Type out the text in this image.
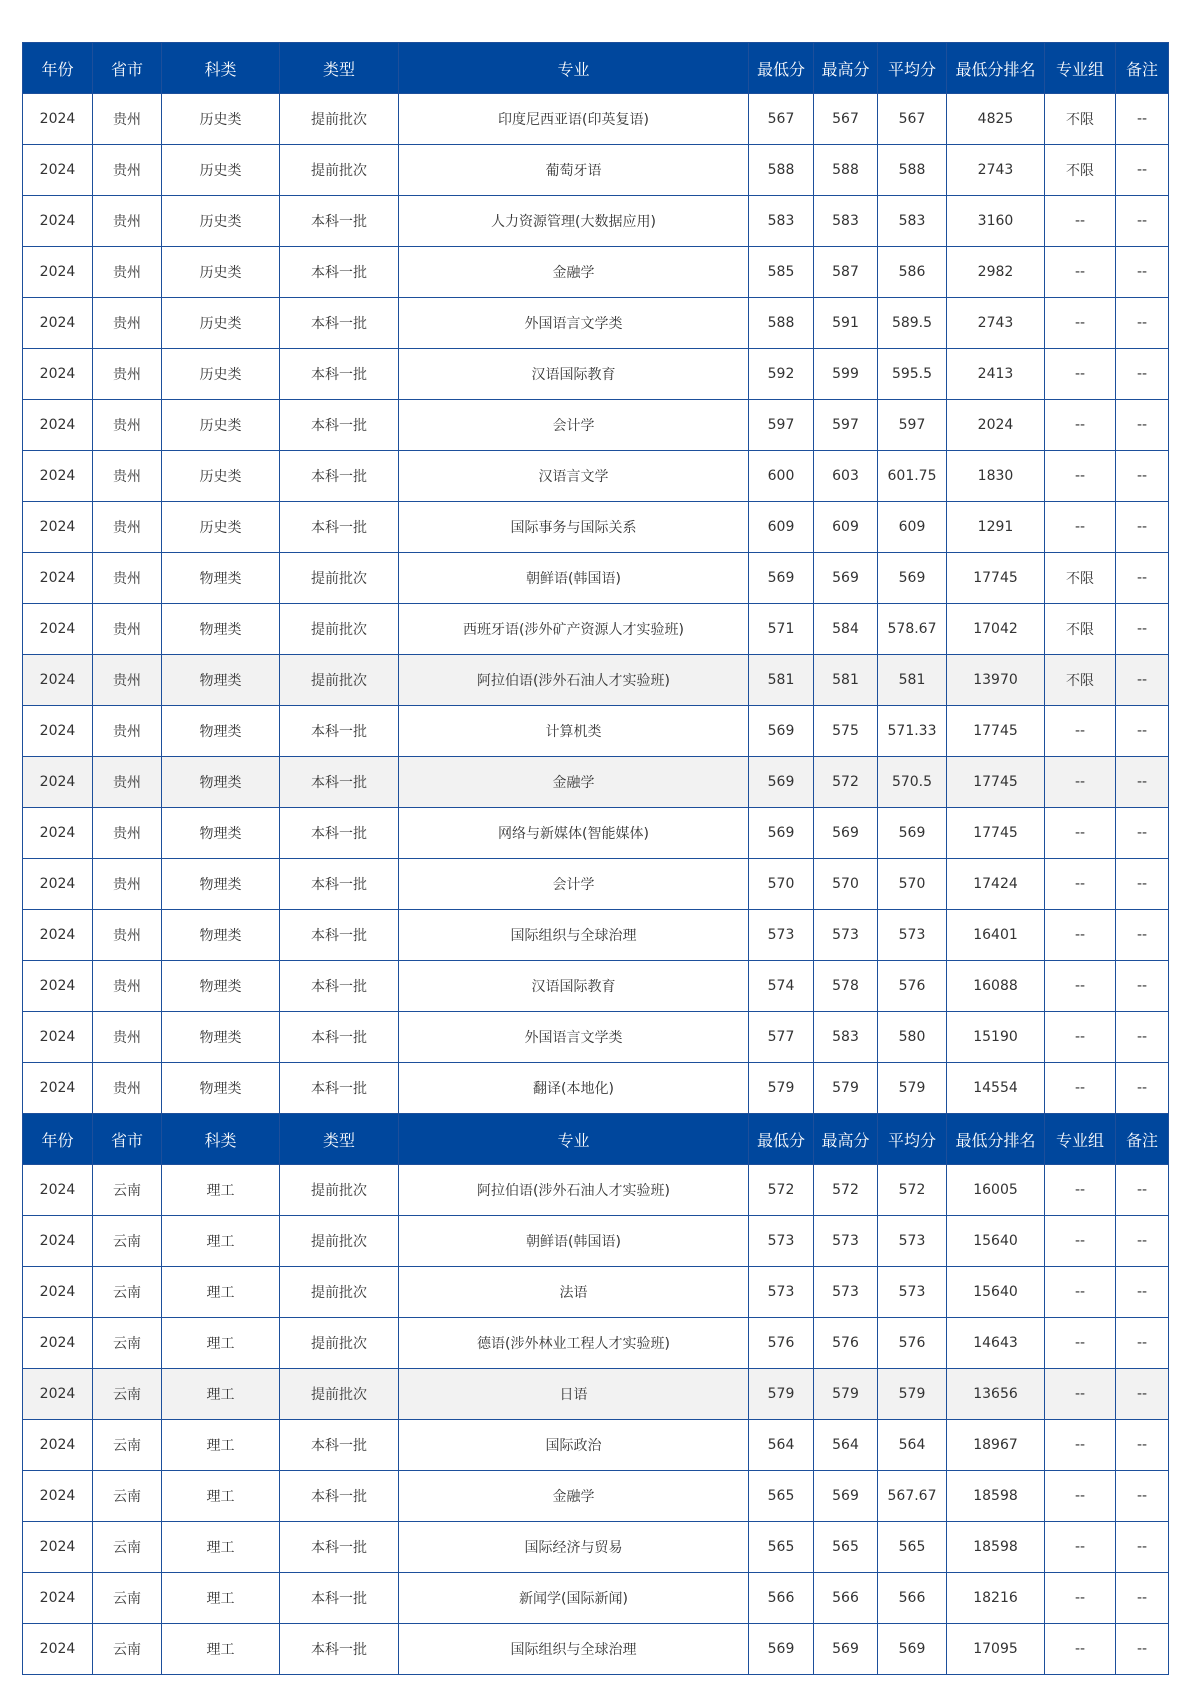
年份	省市	科类	类型	专业	最低分	最高分	平均分	最低分排名	专业组	备注
2024	贵州	历史类	提前批次	印度尼西亚语(印英复语)	567	567	567	4825	不限	--
2024	贵州	历史类	提前批次	葡萄牙语	588	588	588	2743	不限	--
2024	贵州	历史类	本科一批	人力资源管理(大数据应用)	583	583	583	3160	--	--
2024	贵州	历史类	本科一批	金融学	585	587	586	2982	--	--
2024	贵州	历史类	本科一批	外国语言文学类	588	591	589.5	2743	--	--
2024	贵州	历史类	本科一批	汉语国际教育	592	599	595.5	2413	--	--
2024	贵州	历史类	本科一批	会计学	597	597	597	2024	--	--
2024	贵州	历史类	本科一批	汉语言文学	600	603	601.75	1830	--	--
2024	贵州	历史类	本科一批	国际事务与国际关系	609	609	609	1291	--	--
2024	贵州	物理类	提前批次	朝鲜语(韩国语)	569	569	569	17745	不限	--
2024	贵州	物理类	提前批次	西班牙语(涉外矿产资源人才实验班)	571	584	578.67	17042	不限	--
2024	贵州	物理类	提前批次	阿拉伯语(涉外石油人才实验班)	581	581	581	13970	不限	--
2024	贵州	物理类	本科一批	计算机类	569	575	571.33	17745	--	--
2024	贵州	物理类	本科一批	金融学	569	572	570.5	17745	--	--
2024	贵州	物理类	本科一批	网络与新媒体(智能媒体)	569	569	569	17745	--	--
2024	贵州	物理类	本科一批	会计学	570	570	570	17424	--	--
2024	贵州	物理类	本科一批	国际组织与全球治理	573	573	573	16401	--	--
2024	贵州	物理类	本科一批	汉语国际教育	574	578	576	16088	--	--
2024	贵州	物理类	本科一批	外国语言文学类	577	583	580	15190	--	--
2024	贵州	物理类	本科一批	翻译(本地化)	579	579	579	14554	--	--
年份	省市	科类	类型	专业	最低分	最高分	平均分	最低分排名	专业组	备注
2024	云南	理工	提前批次	阿拉伯语(涉外石油人才实验班)	572	572	572	16005	--	--
2024	云南	理工	提前批次	朝鲜语(韩国语)	573	573	573	15640	--	--
2024	云南	理工	提前批次	法语	573	573	573	15640	--	--
2024	云南	理工	提前批次	德语(涉外林业工程人才实验班)	576	576	576	14643	--	--
2024	云南	理工	提前批次	日语	579	579	579	13656	--	--
2024	云南	理工	本科一批	国际政治	564	564	564	18967	--	--
2024	云南	理工	本科一批	金融学	565	569	567.67	18598	--	--
2024	云南	理工	本科一批	国际经济与贸易	565	565	565	18598	--	--
2024	云南	理工	本科一批	新闻学(国际新闻)	566	566	566	18216	--	--
2024	云南	理工	本科一批	国际组织与全球治理	569	569	569	17095	--	--
